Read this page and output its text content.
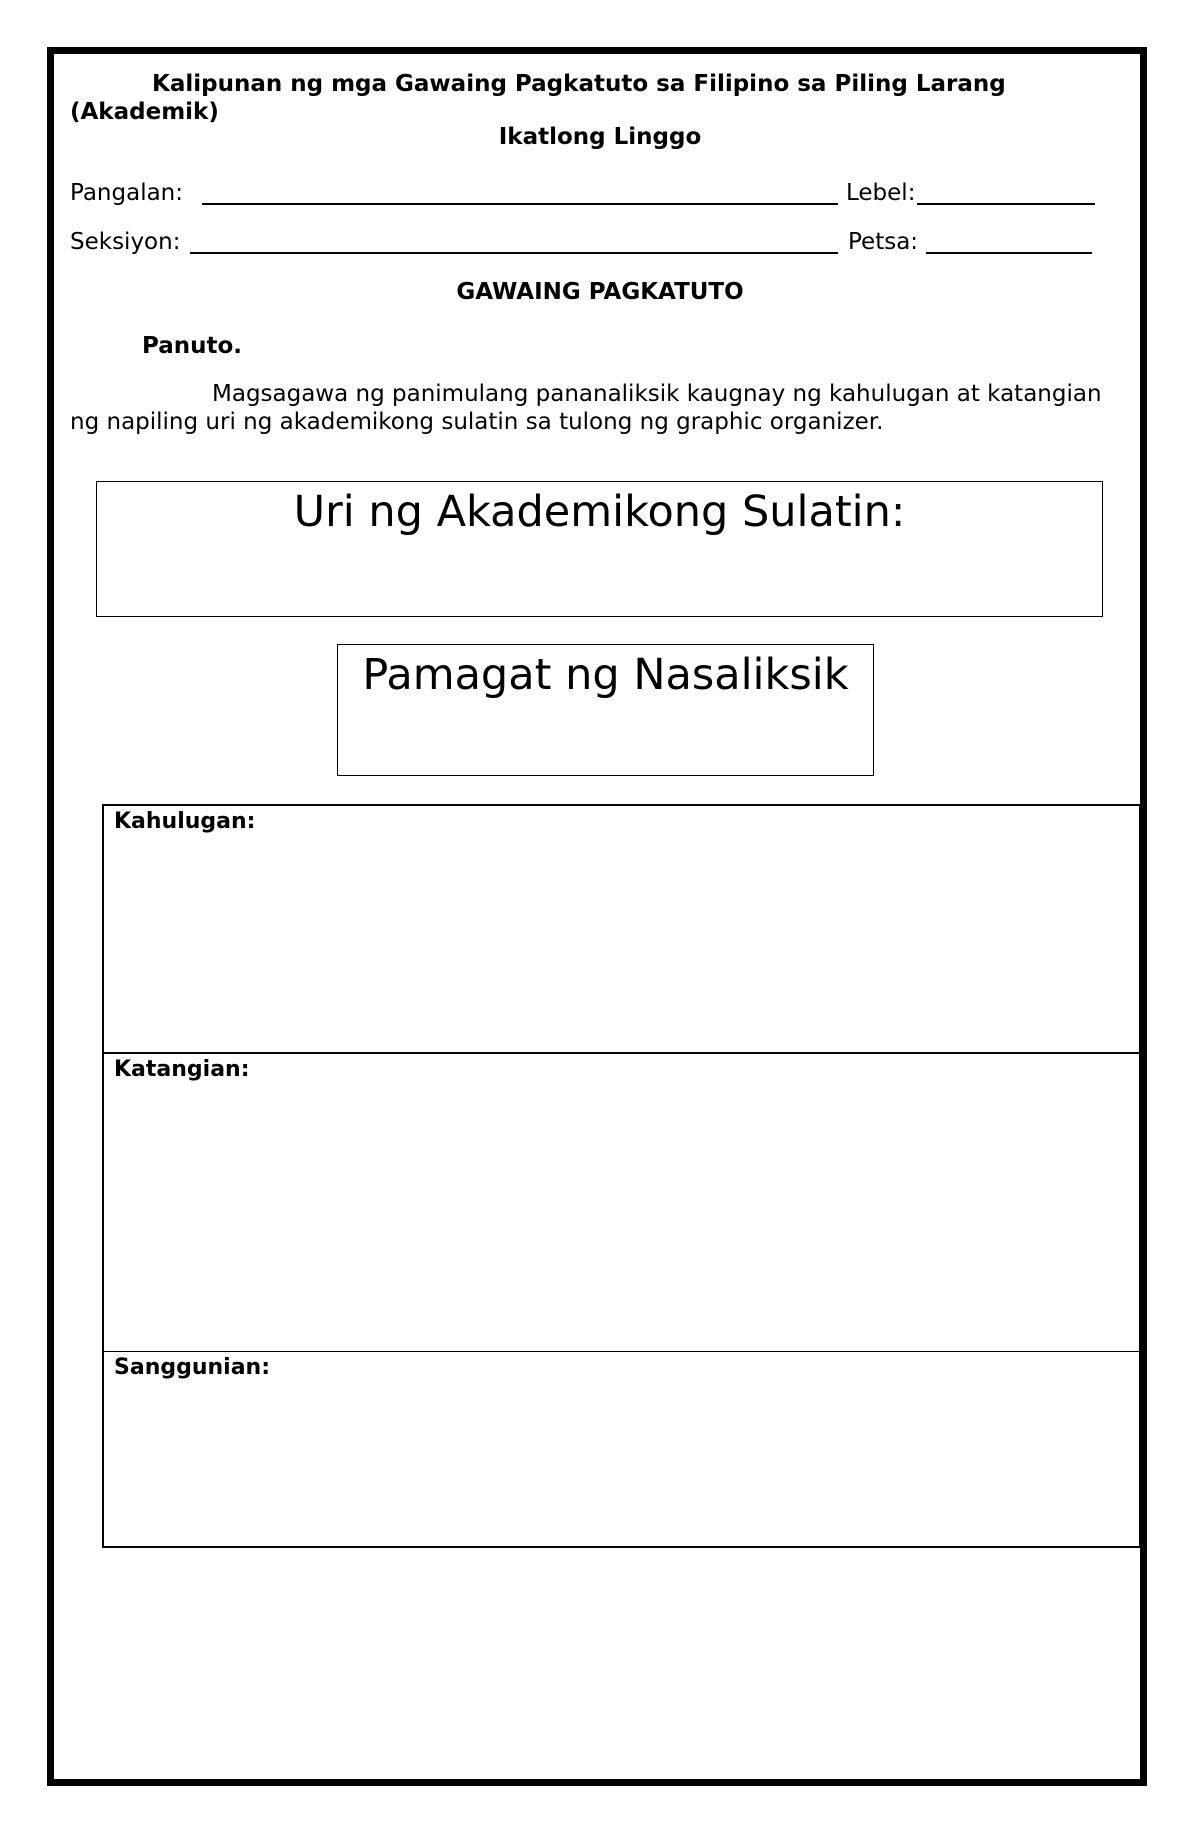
Kalipunan ng mga Gawaing Pagkatuto sa Filipino sa Piling Larang (Akademik)
Ikatlong Linggo
Pangalan:	Lebel:
Seksiyon:	Petsa:
GAWAING PAGKATUTO
Panuto.
Magsagawa ng panimulang pananaliksik kaugnay ng kahulugan at katangian ng napiling uri ng akademikong sulatin sa tulong ng graphic organizer.
Uri ng Akademikong Sulatin:
Pamagat ng Nasaliksik
Kahulugan:
Katangian:
Sanggunian:
